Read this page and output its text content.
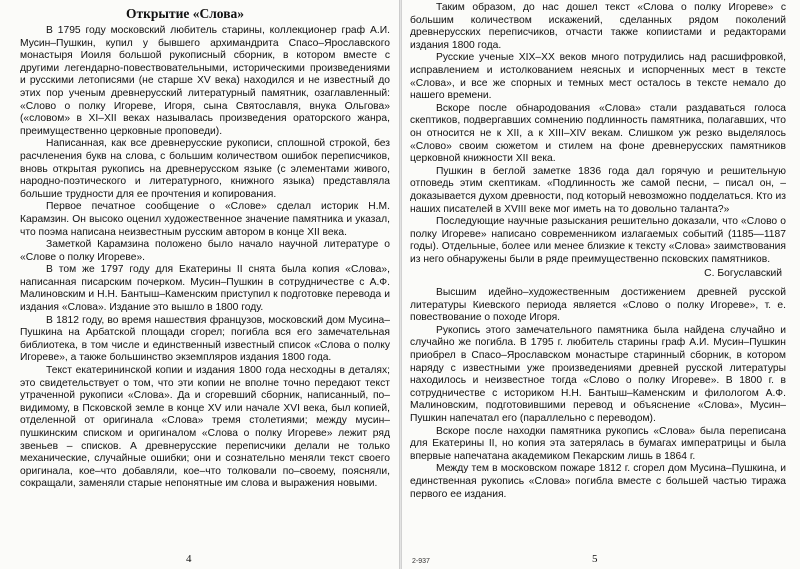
Открытие «Слова»

В 1795 году московский любитель старины, коллекционер граф А.И. Мусин–Пушкин, купил у бывшего архимандрита Спасо–Ярославского монастыря Иоиля большой рукописный сборник, в котором вместе с другими легендарно-повествовательными, историческими произведениями и русскими летописями (не старше XV века) находился и не известный до этих пор ученым древнерусский литературный памятник, озаглавленный: «Слово о полку Игореве, Игоря, сына Святославля, внука Ольгова» («словом» в XI–XII веках называлась произведения ораторского жанра, преимущественно церковные проповеди).

Написанная, как все древнерусские рукописи, сплошной строкой, без расчленения букв на слова, с большим количеством ошибок переписчиков, вновь открытая рукопись на древнерусском языке (с элементами живого, народно-поэтического и литературного, книжного языка) представляла большие трудности для ее прочтения и копирования.

Первое печатное сообщение о «Слове» сделал историк Н.М. Карамзин. Он высоко оценил художественное значение памятника и указал, что поэма написана неизвестным русским автором в конце XII века.

Заметкой Карамзина положено было начало научной литературе о «Слове о полку Игореве».

В том же 1797 году для Екатерины II снята была копия «Слова», написанная писарским почерком. Мусин–Пушкин в сотрудничестве с А.Ф. Малиновским и Н.Н. Бантыш–Каменским приступил к подготовке перевода и издания «Слова». Издание это вышло в 1800 году.

В 1812 году, во время нашествия французов, московский дом Мусина–Пушкина на Арбатской площади сгорел; погибла вся его замечательная библиотека, в том числе и единственный известный список «Слова о полку Игореве», а также большинство экземпляров издания 1800 года.

Текст екатерининской копии и издания 1800 года несходны в деталях; это свидетельствует о том, что эти копии не вполне точно передают текст утраченной рукописи «Слова». Да и сгоревший сборник, написанный, по–видимому, в Псковской земле в конце XV или начале XVI века, был копией, отделенной от оригинала «Слова» тремя столетиями; между мусин–пушкинским списком и оригиналом «Слова о полку Игореве» лежит ряд звеньев – списков. А древнерусские переписчики делали не только механические, случайные ошибки; они и сознательно меняли текст своего оригинала, кое–что добавляли, кое–что толковали по–своему, поясняли, сокращали, заменяли старые непонятные им слова и выражения новыми.

4

Таким образом, до нас дошел текст «Слова о полку Игореве» с большим количеством искажений, сделанных рядом поколений древнерусских переписчиков, отчасти также копиистами и редакторами издания 1800 года.

Русские ученые XIX–XX веков много потрудились над расшифровкой, исправлением и истолкованием неясных и испорченных мест в тексте «Слова», и все же спорных и темных мест осталось в тексте немало до нашего времени.

Вскоре после обнародования «Слова» стали раздаваться голоса скептиков, подвергавших сомнению подлинность памятника, полагавших, что он относится не к XII, а к XIII–XIV векам. Слишком уж резко выделялось «Слово» своим сюжетом и стилем на фоне древнерусских памятников церковной книжности XII века.

Пушкин в беглой заметке 1836 года дал горячую и решительную отповедь этим скептикам. «Подлинность же самой песни, – писал он, – доказывается духом древности, под который невозможно подделаться. Кто из наших писателей в XVIII веке мог иметь на то довольно таланта?»

Последующие научные разыскания решительно доказали, что «Слово о полку Игореве» написано современником излагаемых событий (1185—1187 годы). Отдельные, более или менее близкие к тексту «Слова» заимствования из него обнаружены были в ряде преимущественно псковских памятников.

С. Богуславский

Высшим идейно–художественным достижением древней русской литературы Киевского периода является «Слово о полку Игореве», т. е. повествование о походе Игоря.

Рукопись этого замечательного памятника была найдена случайно и случайно же погибла. В 1795 г. любитель старины граф А.И. Мусин–Пушкин приобрел в Спасо–Ярославском монастыре старинный сборник, в котором наряду с известными уже произведениями древней русской литературы находилось и неизвестное тогда «Слово о полку Игореве». В 1800 г. в сотрудничестве с историком Н.Н. Бантыш–Каменским и филологом А.Ф. Малиновским, подготовившими перевод и объяснение «Слова», Мусин–Пушкин напечатал его (параллельно с переводом).

Вскоре после находки памятника рукопись «Слова» была переписана для Екатерины II, но копия эта затерялась в бумагах императрицы и была впервые напечатана академиком Пекарским лишь в 1864 г.

Между тем в московском пожаре 1812 г. сгорел дом Мусина–Пушкина, и единственная рукопись «Слова» погибла вместе с большей частью тиража первого ее издания.

2-937	5
